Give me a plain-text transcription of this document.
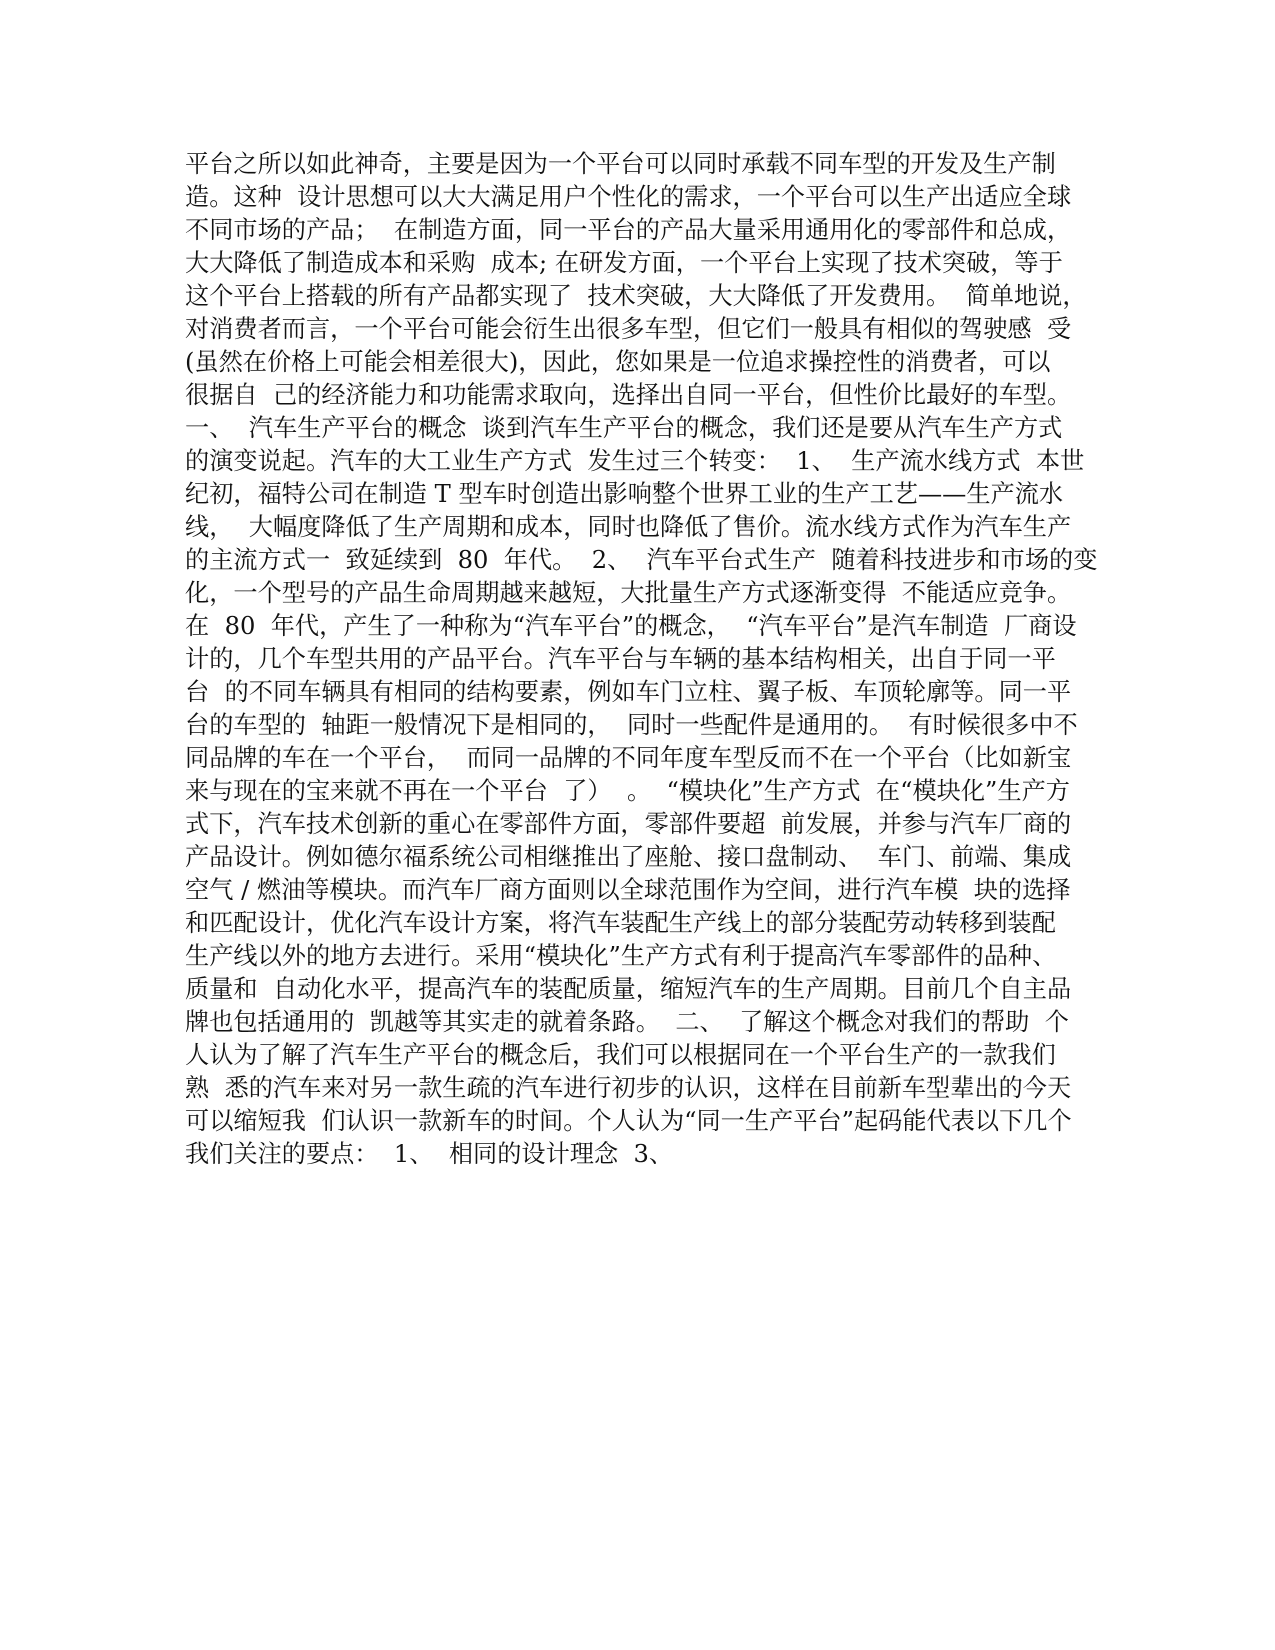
平台之所以如此神奇，主要是因为一个平台可以同时承载不同车型的开发及生产制
造。这种  设计思想可以大大满足用户个性化的需求，一个平台可以生产出适应全球
不同市场的产品；  在制造方面，同一平台的产品大量采用通用化的零部件和总成，
大大降低了制造成本和采购  成本; 在研发方面，一个平台上实现了技术突破，等于
这个平台上搭载的所有产品都实现了  技术突破，大大降低了开发费用。  简单地说，
对消费者而言，一个平台可能会衍生出很多车型，但它们一般具有相似的驾驶感  受
(虽然在价格上可能会相差很大)，因此，您如果是一位追求操控性的消费者，可以
很据自  己的经济能力和功能需求取向，选择出自同一平台，但性价比最好的车型。
一、  汽车生产平台的概念  谈到汽车生产平台的概念，我们还是要从汽车生产方式
的演变说起。汽车的大工业生产方式  发生过三个转变：  1、  生产流水线方式  本世
纪初，福特公司在制造 T 型车时创造出影响整个世界工业的生产工艺——生产流水
线，  大幅度降低了生产周期和成本，同时也降低了售价。流水线方式作为汽车生产
的主流方式一  致延续到  80  年代。  2、  汽车平台式生产  随着科技进步和市场的变
化，一个型号的产品生命周期越来越短，大批量生产方式逐渐变得  不能适应竞争。
在  80  年代，产生了一种称为“汽车平台”的概念，  “汽车平台”是汽车制造  厂商设
计的，几个车型共用的产品平台。汽车平台与车辆的基本结构相关，出自于同一平
台  的不同车辆具有相同的结构要素，例如车门立柱、翼子板、车顶轮廓等。同一平
台的车型的  轴距一般情况下是相同的，  同时一些配件是通用的。  有时候很多中不
同品牌的车在一个平台，  而同一品牌的不同年度车型反而不在一个平台（比如新宝
来与现在的宝来就不再在一个平台  了）  。  “模块化”生产方式  在“模块化”生产方
式下，汽车技术创新的重心在零部件方面，零部件要超  前发展，并参与汽车厂商的
产品设计。例如德尔福系统公司相继推出了座舱、接口盘制动、  车门、前端、集成
空气 / 燃油等模块。而汽车厂商方面则以全球范围作为空间，进行汽车模  块的选择
和匹配设计，优化汽车设计方案，将汽车装配生产线上的部分装配劳动转移到装配
生产线以外的地方去进行。采用“模块化”生产方式有利于提高汽车零部件的品种、
质量和  自动化水平，提高汽车的装配质量，缩短汽车的生产周期。目前几个自主品
牌也包括通用的  凯越等其实走的就着条路。  二、  了解这个概念对我们的帮助  个
人认为了解了汽车生产平台的概念后，我们可以根据同在一个平台生产的一款我们
熟  悉的汽车来对另一款生疏的汽车进行初步的认识，这样在目前新车型辈出的今天
可以缩短我  们认识一款新车的时间。个人认为“同一生产平台”起码能代表以下几个
我们关注的要点：  1、  相同的设计理念  3、
